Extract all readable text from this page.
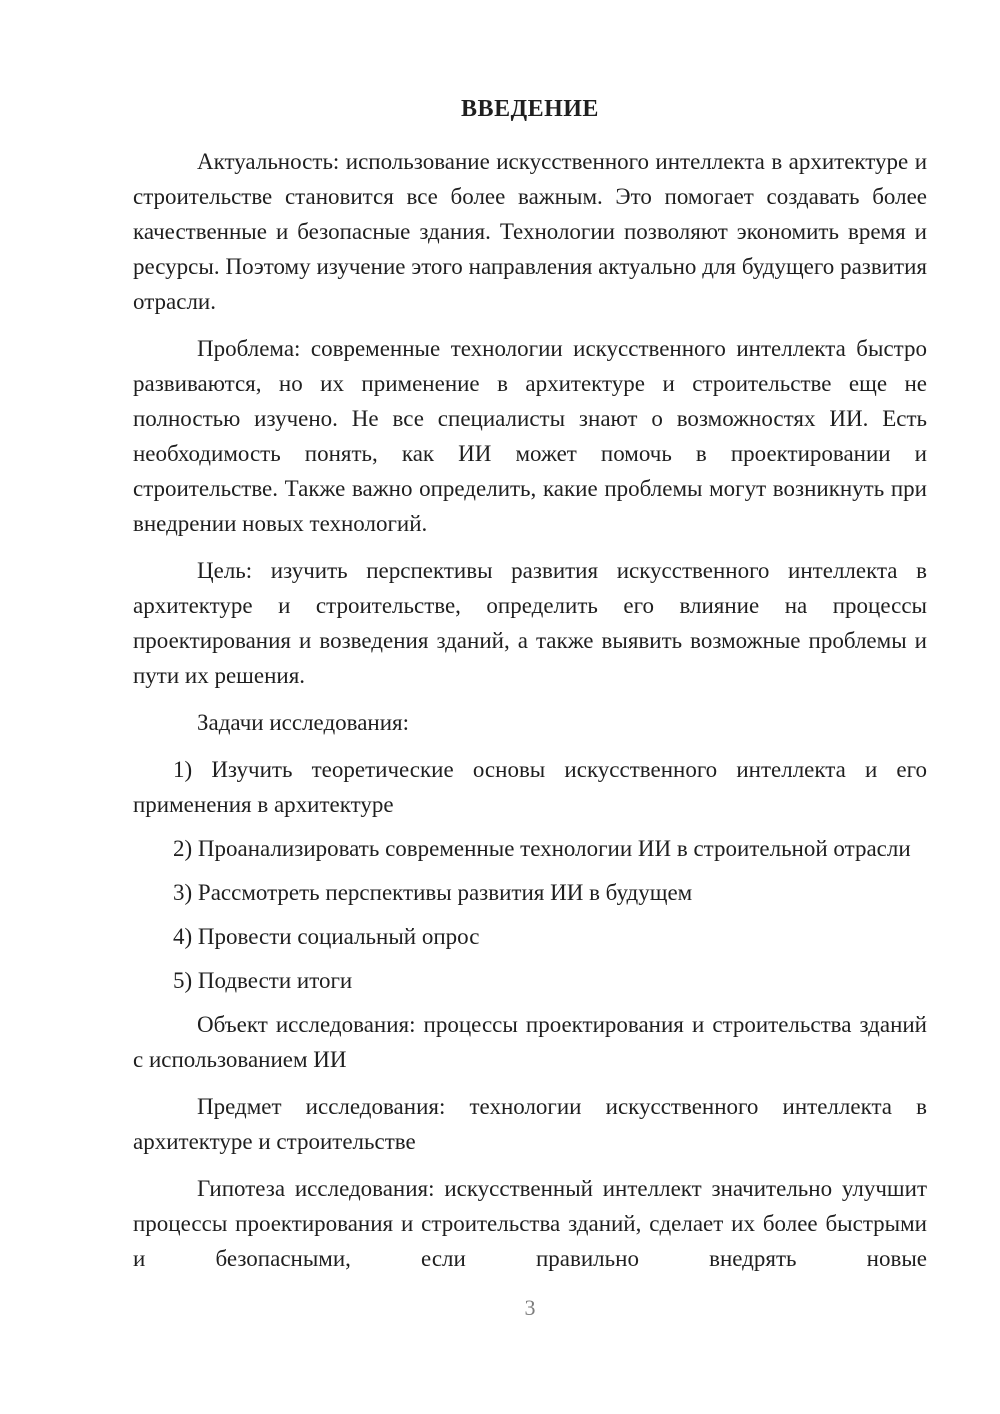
ВВЕДЕНИЕ

Актуальность: использование искусственного интеллекта в архитектуре и строительстве становится все более важным. Это помогает создавать более качественные и безопасные здания. Технологии позволяют экономить время и ресурсы. Поэтому изучение этого направления актуально для будущего развития отрасли.

Проблема: современные технологии искусственного интеллекта быстро развиваются, но их применение в архитектуре и строительстве еще не полностью изучено. Не все специалисты знают о возможностях ИИ. Есть необходимость понять, как ИИ может помочь в проектировании и строительстве. Также важно определить, какие проблемы могут возникнуть при внедрении новых технологий.

Цель: изучить перспективы развития искусственного интеллекта в архитектуре и строительстве, определить его влияние на процессы проектирования и возведения зданий, а также выявить возможные проблемы и пути их решения.

Задачи исследования:

1) Изучить теоретические основы искусственного интеллекта и его применения в архитектуре

2) Проанализировать современные технологии ИИ в строительной отрасли

3) Рассмотреть перспективы развития ИИ в будущем

4) Провести социальный опрос

5) Подвести итоги

Объект исследования: процессы проектирования и строительства зданий с использованием ИИ

Предмет исследования: технологии искусственного интеллекта в архитектуре и строительстве

Гипотеза исследования: искусственный интеллект значительно улучшит процессы проектирования и строительства зданий, сделает их более быстрыми и безопасными, если правильно внедрять новые

3
